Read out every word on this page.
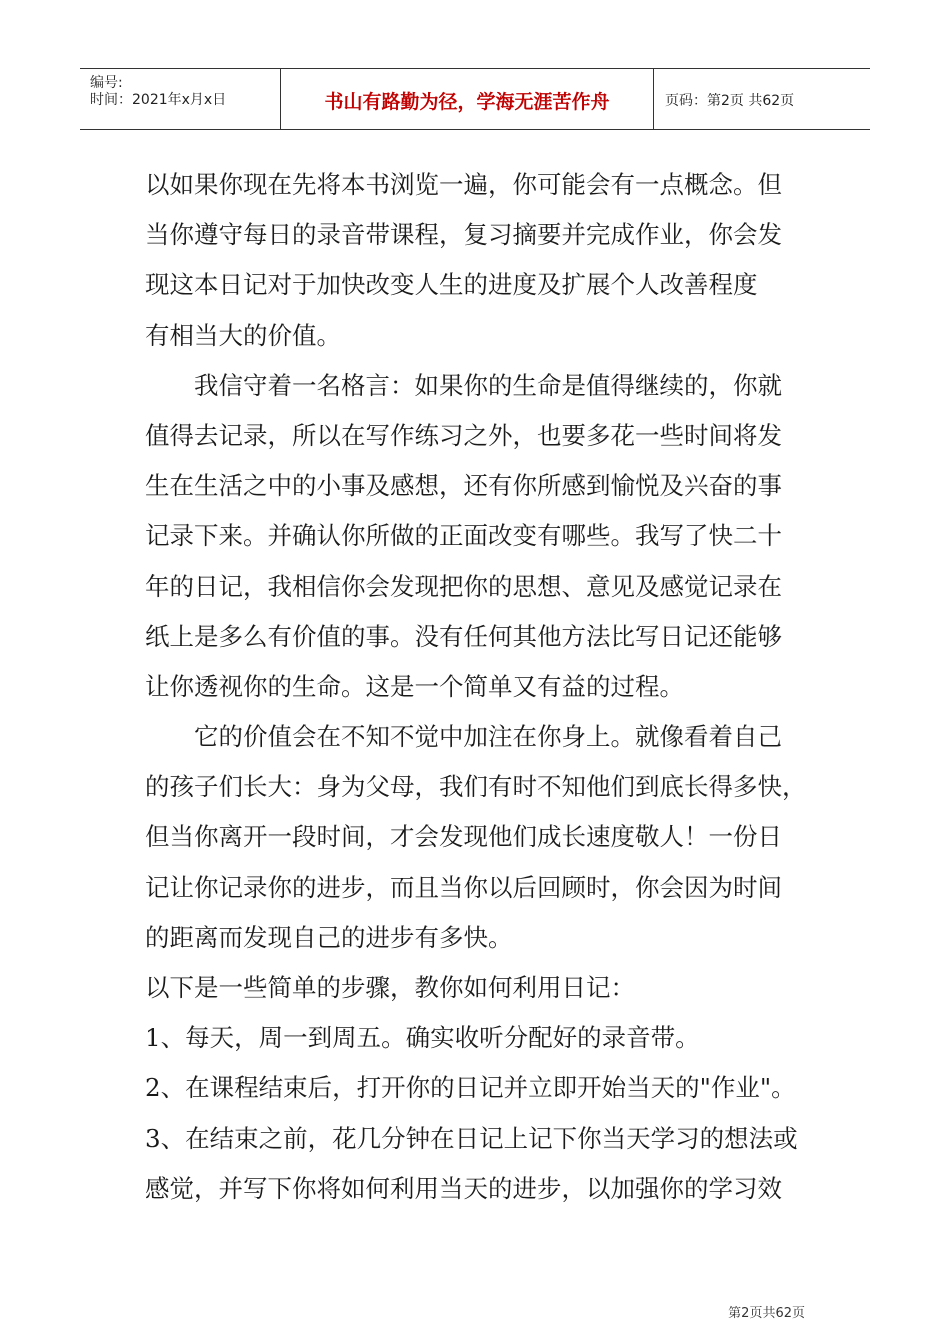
编号:
时间：2021年x月x日	书山有路勤为径，学海无涯苦作舟	页码：第2页 共62页
以如果你现在先将本书浏览一遍，你可能会有一点概念。但
当你遵守每日的录音带课程，复习摘要并完成作业，你会发
现这本日记对于加快改变人生的进度及扩展个人改善程度
有相当大的价值。
　　我信守着一名格言：如果你的生命是值得继续的，你就
值得去记录，所以在写作练习之外，也要多花一些时间将发
生在生活之中的小事及感想，还有你所感到愉悦及兴奋的事
记录下来。并确认你所做的正面改变有哪些。我写了快二十
年的日记，我相信你会发现把你的思想、意见及感觉记录在
纸上是多么有价值的事。没有任何其他方法比写日记还能够
让你透视你的生命。这是一个简单又有益的过程。
　　它的价值会在不知不觉中加注在你身上。就像看着自己
的孩子们长大：身为父母，我们有时不知他们到底长得多快，
但当你离开一段时间，才会发现他们成长速度敬人！一份日
记让你记录你的进步，而且当你以后回顾时，你会因为时间
的距离而发现自己的进步有多快。
以下是一些简单的步骤，教你如何利用日记：
1、每天，周一到周五。确实收听分配好的录音带。
2、在课程结束后，打开你的日记并立即开始当天的"作业"。
3、在结束之前，花几分钟在日记上记下你当天学习的想法或
感觉，并写下你将如何利用当天的进步，以加强你的学习效
第2页共62页
